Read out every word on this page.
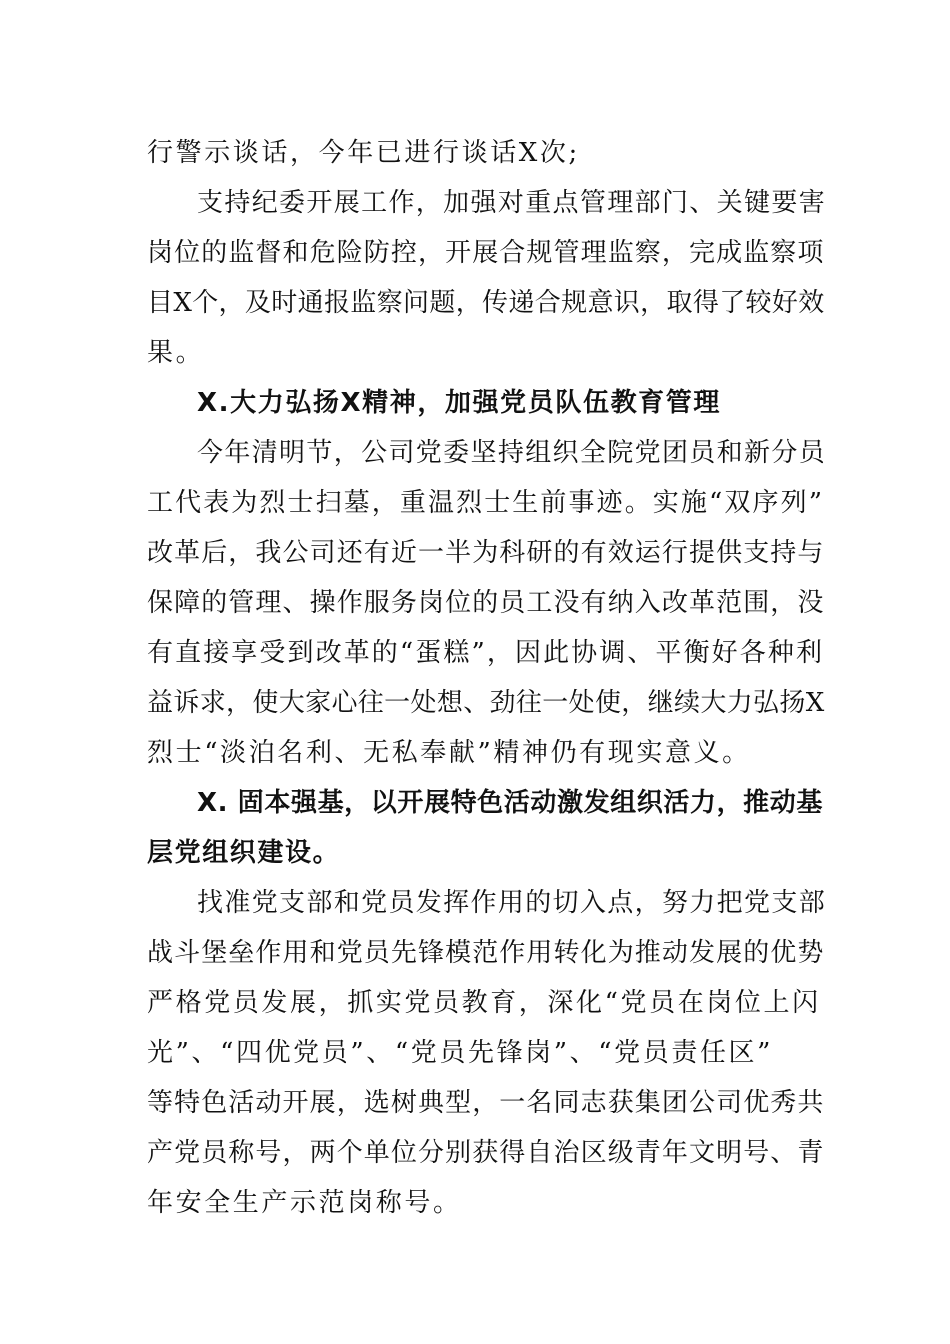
行警示谈话，今年已进行谈话X次;
支持纪委开展工作，加强对重点管理部门、关键要害
岗位的监督和危险防控，开展合规管理监察，完成监察项
目X个，及时通报监察问题，传递合规意识，取得了较好效
果。
X.大力弘扬X精神，加强党员队伍教育管理
今年清明节，公司党委坚持组织全院党团员和新分员
工代表为烈士扫墓，重温烈士生前事迹。实施“双序列”
改革后，我公司还有近一半为科研的有效运行提供支持与
保障的管理、操作服务岗位的员工没有纳入改革范围，没
有直接享受到改革的“蛋糕”，因此协调、平衡好各种利
益诉求，使大家心往一处想、劲往一处使，继续大力弘扬X
烈士“淡泊名利、无私奉献”精神仍有现实意义。
X. 固本强基，以开展特色活动激发组织活力，推动基
层党组织建设。
找准党支部和党员发挥作用的切入点，努力把党支部
战斗堡垒作用和党员先锋模范作用转化为推动发展的优势
严格党员发展，抓实党员教育，深化“党员在岗位上闪
光”、“四优党员”、“党员先锋岗”、“党员责任区”
等特色活动开展，选树典型，一名同志获集团公司优秀共
产党员称号，两个单位分别获得自治区级青年文明号、青
年安全生产示范岗称号。
